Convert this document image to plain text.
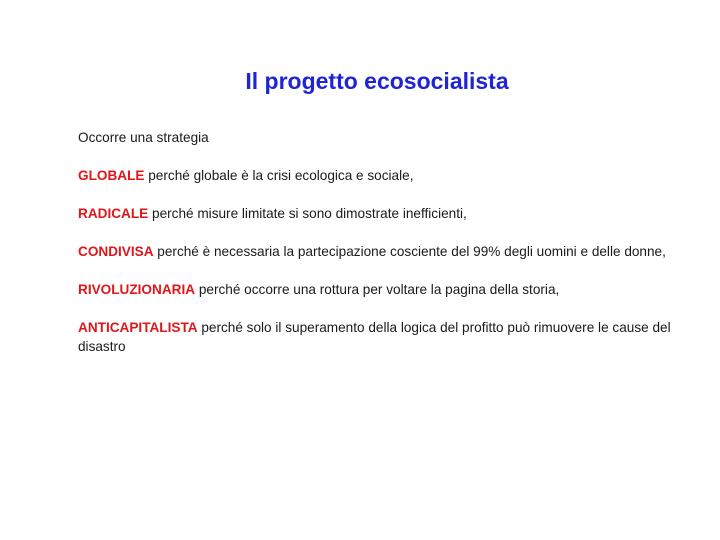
Il progetto ecosocialista

Occorre una strategia

GLOBALE perché globale è la crisi ecologica e sociale,

RADICALE perché misure limitate si sono dimostrate inefficienti,

CONDIVISA perché è necessaria la partecipazione cosciente del 99% degli uomini e delle donne,

RIVOLUZIONARIA perché occorre una rottura per voltare la pagina della storia,

ANTICAPITALISTA perché solo il superamento della logica del profitto può rimuovere le cause del disastro
